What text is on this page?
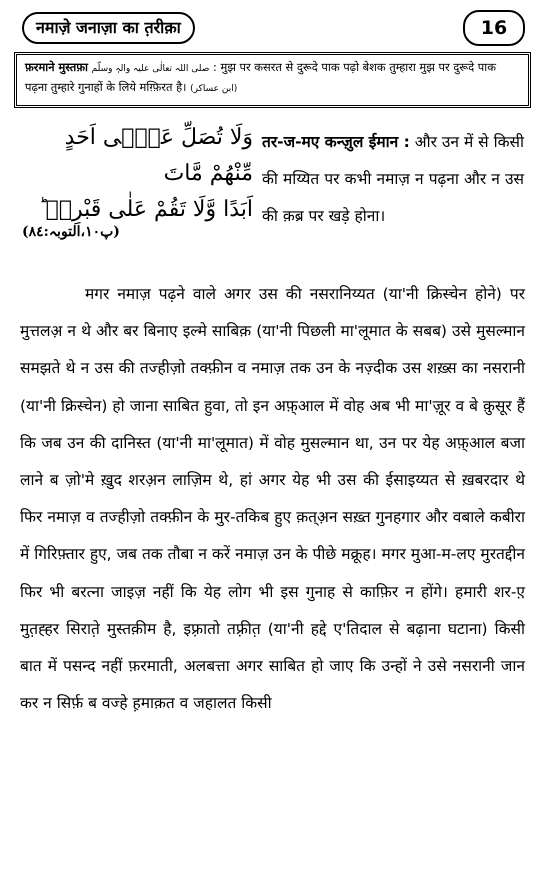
नमाज़े जनाज़ा का त़रीक़ा	16
फ़रमाने मुस्तफ़ा صلی اللہ تعالٰی علیہ والہٖ وسلّم : मुझ पर कसरत से दुरूदे पाक पढ़ो बेशक तुम्हारा मुझ पर दुरूदे पाक पढ़ना तुम्हारे गुनाहों के लिये मग़्फ़िरत है। (ابن عساکر)
وَلَا تُصَلِّ عَلٰۤی اَحَدٍ مِّنْهُمْ مَّاتَ
اَبَدًا وَّلَا تَقُمْ عَلٰی قَبْرِهٖ ؕ
(پ١٠،التوبہ:٨٤)
तर-ज-मए कन्ज़ुल ईमान : और उन में से किसी की मय्यित पर कभी नमाज़ न पढ़ना और न उस की क़ब्र पर खड़े होना।

मगर नमाज़ पढ़ने वाले अगर उस की नसरानिय्यत (या'नी क्रिस्चेन होने) पर मुत्तलअ़ न थे और बर बिनाए इल्मे साबिक़ (या'नी पिछली मा'लूमात के सबब) उसे मुसल्मान समझते थे न उस की तज्हीज़ो तक्फ़ीन व नमाज़ तक उन के नज़्दीक उस शख़्स का नसरानी (या'नी क्रिस्चेन) हो जाना साबित हुवा, तो इन अफ़्आल में वोह अब भी मा'ज़ूर व बे क़ुसूर हैं कि जब उन की दानिस्त (या'नी मा'लूमात) में वोह मुसल्मान था, उन पर येह अफ़्आल बजा लाने ब ज़ो'मे ख़ुद शरअ़न लाज़िम थे, हां अगर येह भी उस की ईसाइय्यत से ख़बरदार थे फिर नमाज़ व तज्हीज़ो तक्फ़ीन के मुर-तकिब हुए क़त्अ़न सख़्त गुनहगार और वबाले कबीरा में गिरिफ़्तार हुए, जब तक तौबा न करें नमाज़ उन के पीछे मक्रूह। मगर मुआ-म-लए मुरतद्दीन फिर भी बरत्ना जाइज़ नहीं कि येह लोग भी इस गुनाह से काफ़िर न होंगे। हमारी शर-ए़ मुत़ह्हर सिराते़ मुस्तक़ीम है, इफ़्रातो तफ़्रीत़ (या'नी हद्दे ए'तिदाल से बढ़ाना घटाना) किसी बात में पसन्द नहीं फ़रमाती, अलबत्ता अगर साबित हो जाए कि उन्हों ने उसे नसरानी जान कर न सिर्फ़ ब वज्हे ह़माक़त व जहालत किसी
